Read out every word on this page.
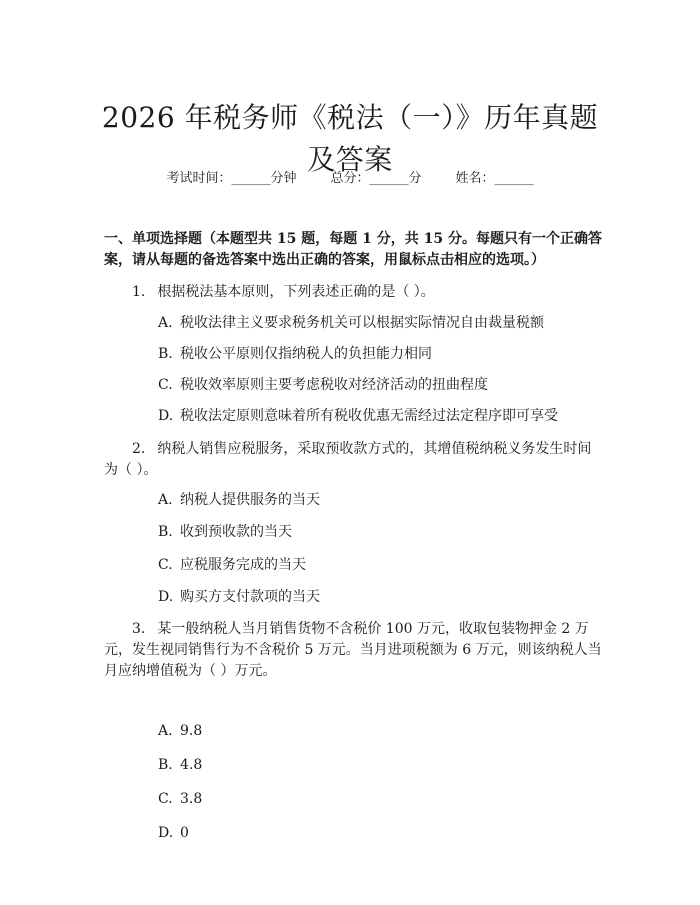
2026 年税务师《税法（一）》历年真题及答案
考试时间：______分钟	总分：______分	姓名：______
一、单项选择题（本题型共 15 题，每题 1 分，共 15 分。每题只有一个正确答案，请从每题的备选答案中选出正确的答案，用鼠标点击相应的选项。）
1. 根据税法基本原则，下列表述正确的是（ ）。
A. 税收法律主义要求税务机关可以根据实际情况自由裁量税额
B. 税收公平原则仅指纳税人的负担能力相同
C. 税收效率原则主要考虑税收对经济活动的扭曲程度
D. 税收法定原则意味着所有税收优惠无需经过法定程序即可享受
2. 纳税人销售应税服务，采取预收款方式的，其增值税纳税义务发生时间为（ ）。
A. 纳税人提供服务的当天
B. 收到预收款的当天
C. 应税服务完成的当天
D. 购买方支付款项的当天
3. 某一般纳税人当月销售货物不含税价 100 万元，收取包装物押金 2 万元，发生视同销售行为不含税价 5 万元。当月进项税额为 6 万元，则该纳税人当月应纳增值税为（ ）万元。
A. 9.8
B. 4.8
C. 3.8
D. 0
